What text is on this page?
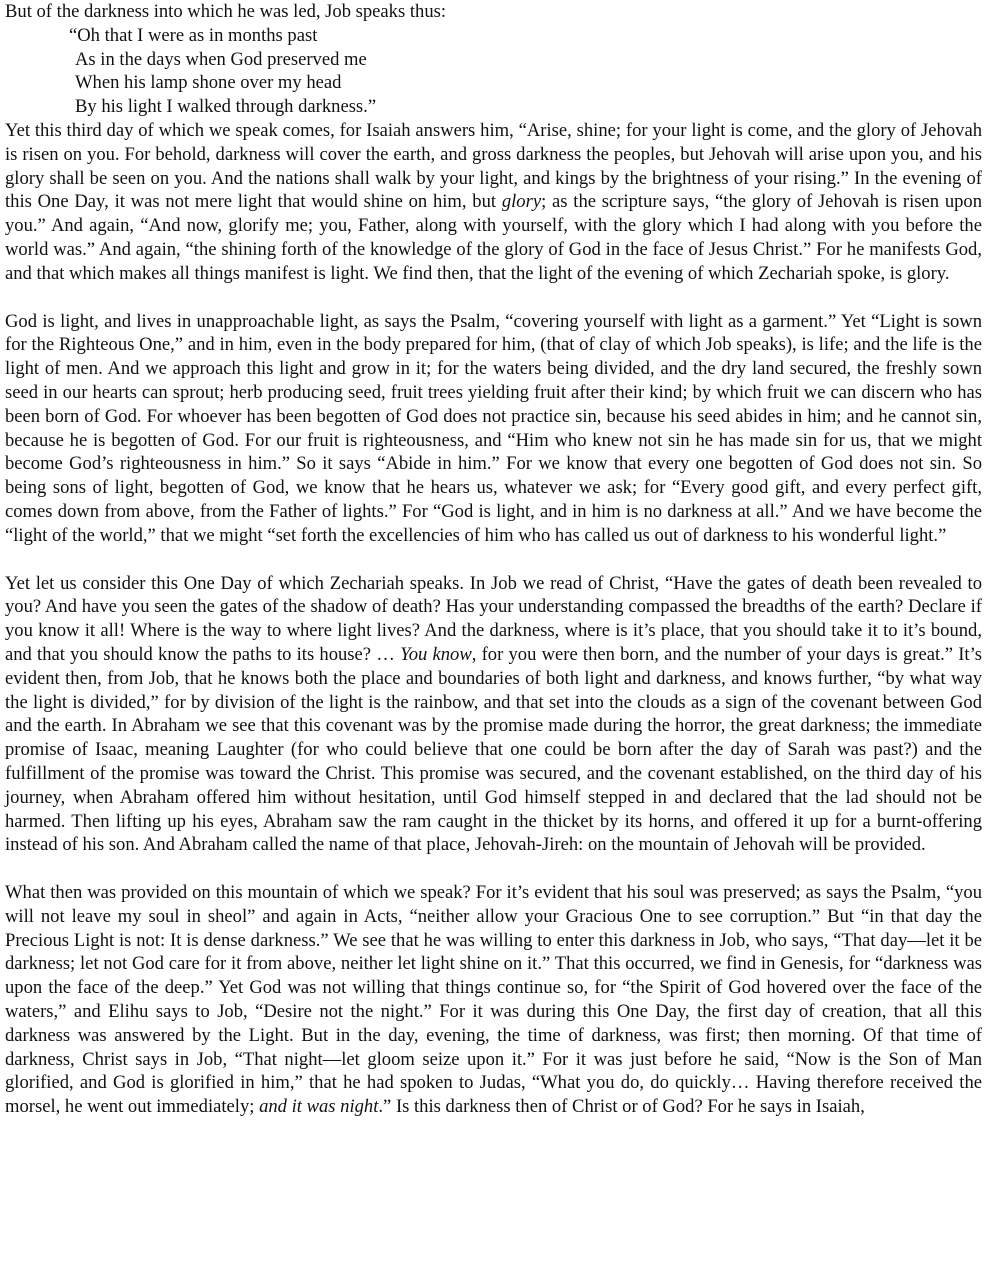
But of the darkness into which he was led, Job speaks thus:
“Oh that I were as in months past
As in the days when God preserved me
When his lamp shone over my head
By his light I walked through darkness.”

Yet this third day of which we speak comes, for Isaiah answers him, “Arise, shine; for your light is come, and the glory of Jehovah is risen on you. For behold, darkness will cover the earth, and gross darkness the peoples, but Jehovah will arise upon you, and his glory shall be seen on you. And the nations shall walk by your light, and kings by the brightness of your rising.” In the evening of this One Day, it was not mere light that would shine on him, but glory; as the scripture says, “the glory of Jehovah is risen upon you.” And again, “And now, glorify me; you, Father, along with yourself, with the glory which I had along with you before the world was.” And again, “the shining forth of the knowledge of the glory of God in the face of Jesus Christ.” For he manifests God, and that which makes all things manifest is light. We find then, that the light of the evening of which Zechariah spoke, is glory.

God is light, and lives in unapproachable light, as says the Psalm, “covering yourself with light as a garment.” Yet “Light is sown for the Righteous One,” and in him, even in the body prepared for him, (that of clay of which Job speaks), is life; and the life is the light of men. And we approach this light and grow in it; for the waters being divided, and the dry land secured, the freshly sown seed in our hearts can sprout; herb producing seed, fruit trees yielding fruit after their kind; by which fruit we can discern who has been born of God. For whoever has been begotten of God does not practice sin, because his seed abides in him; and he cannot sin, because he is begotten of God. For our fruit is righteousness, and “Him who knew not sin he has made sin for us, that we might become God’s righteousness in him.” So it says “Abide in him.” For we know that every one begotten of God does not sin. So being sons of light, begotten of God, we know that he hears us, whatever we ask; for “Every good gift, and every perfect gift, comes down from above, from the Father of lights.” For “God is light, and in him is no darkness at all.” And we have become the “light of the world,” that we might “set forth the excellencies of him who has called us out of darkness to his wonderful light.”

Yet let us consider this One Day of which Zechariah speaks. In Job we read of Christ, “Have the gates of death been revealed to you? And have you seen the gates of the shadow of death? Has your understanding compassed the breadths of the earth? Declare if you know it all! Where is the way to where light lives? And the darkness, where is it’s place, that you should take it to it’s bound, and that you should know the paths to its house? … You know, for you were then born, and the number of your days is great.” It’s evident then, from Job, that he knows both the place and boundaries of both light and darkness, and knows further, “by what way the light is divided,” for by division of the light is the rainbow, and that set into the clouds as a sign of the covenant between God and the earth. In Abraham we see that this covenant was by the promise made during the horror, the great darkness; the immediate promise of Isaac, meaning Laughter (for who could believe that one could be born after the day of Sarah was past?) and the fulfillment of the promise was toward the Christ. This promise was secured, and the covenant established, on the third day of his journey, when Abraham offered him without hesitation, until God himself stepped in and declared that the lad should not be harmed. Then lifting up his eyes, Abraham saw the ram caught in the thicket by its horns, and offered it up for a burnt-offering instead of his son. And Abraham called the name of that place, Jehovah-Jireh: on the mountain of Jehovah will be provided.

What then was provided on this mountain of which we speak? For it’s evident that his soul was preserved; as says the Psalm, “you will not leave my soul in sheol” and again in Acts, “neither allow your Gracious One to see corruption.” But “in that day the Precious Light is not: It is dense darkness.” We see that he was willing to enter this darkness in Job, who says, “That day—let it be darkness; let not God care for it from above, neither let light shine on it.” That this occurred, we find in Genesis, for “darkness was upon the face of the deep.” Yet God was not willing that things continue so, for “the Spirit of God hovered over the face of the waters,” and Elihu says to Job, “Desire not the night.” For it was during this One Day, the first day of creation, that all this darkness was answered by the Light. But in the day, evening, the time of darkness, was first; then morning. Of that time of darkness, Christ says in Job, “That night—let gloom seize upon it.” For it was just before he said, “Now is the Son of Man glorified, and God is glorified in him,” that he had spoken to Judas, “What you do, do quickly… Having therefore received the morsel, he went out immediately; and it was night.” Is this darkness then of Christ or of God? For he says in Isaiah,
